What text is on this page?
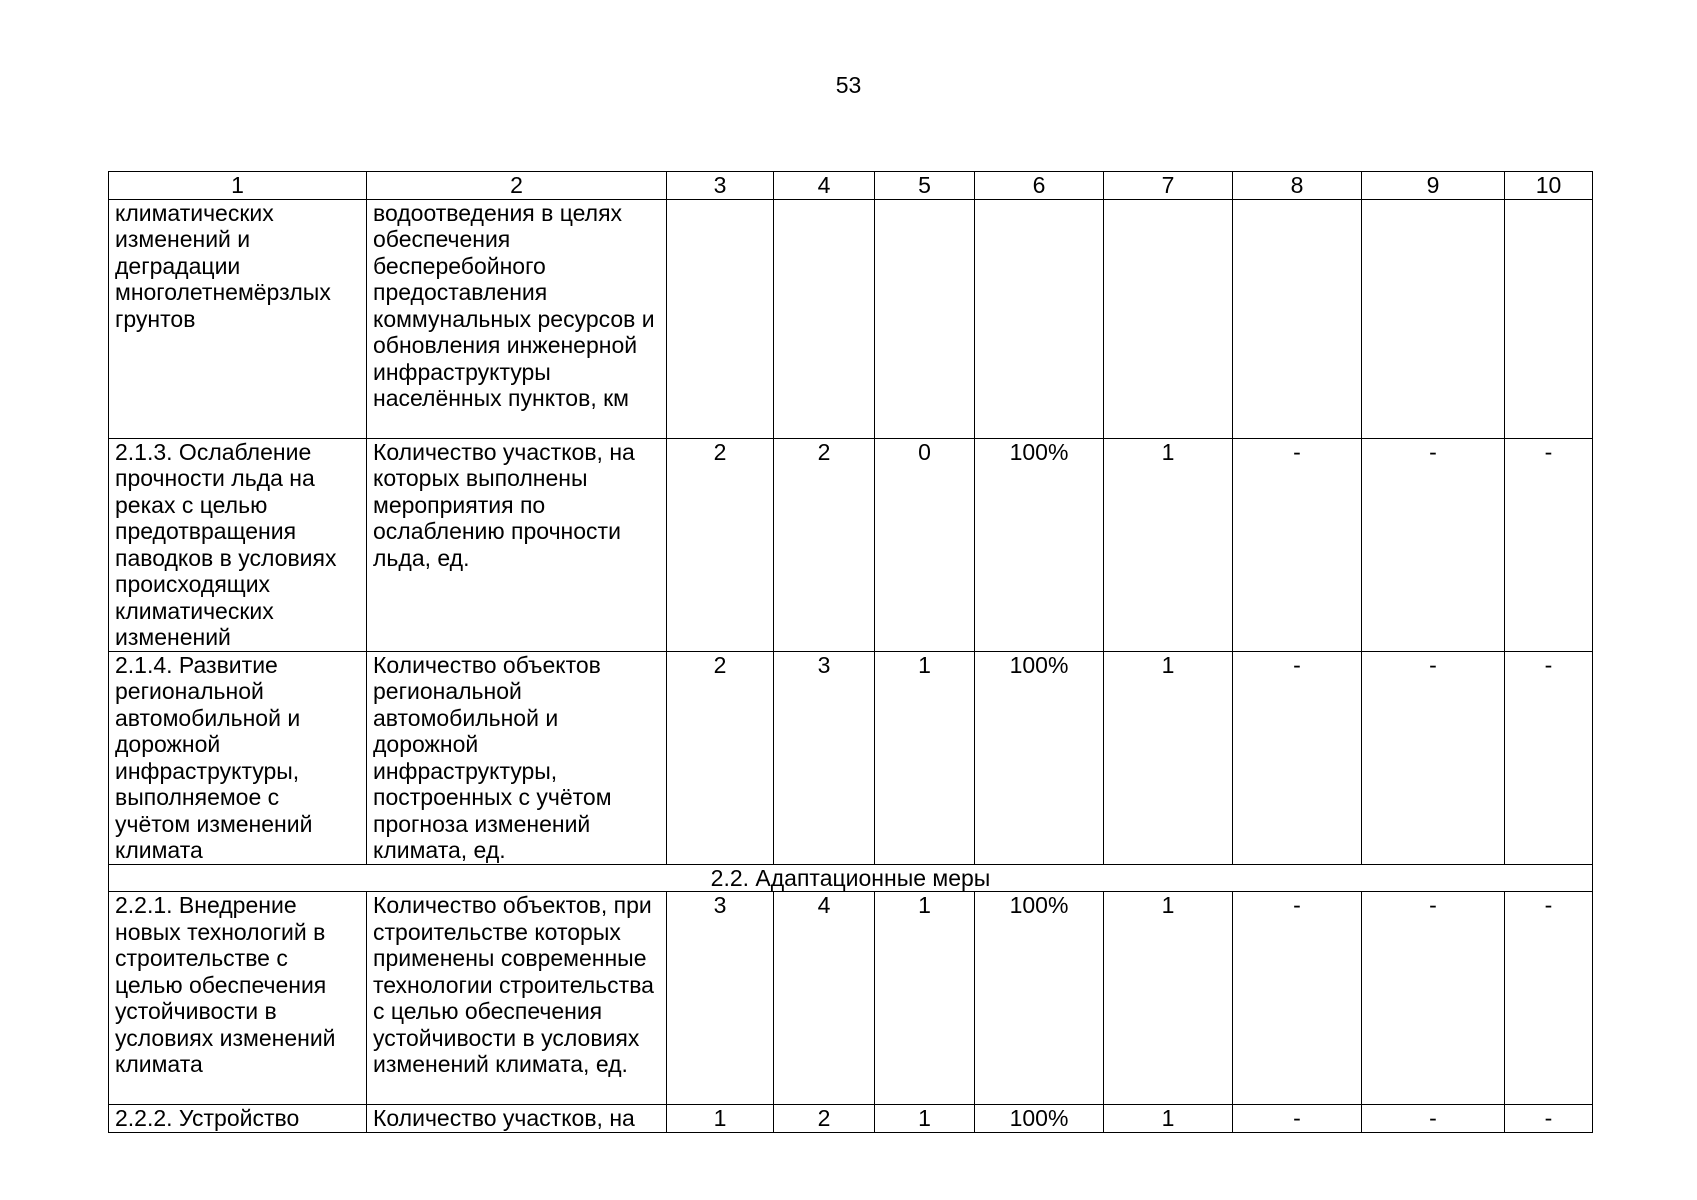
53
1	2	3	4	5	6	7	8	9	10
климатических изменений и деградации многолетнемёрзлых грунтов	водоотведения в целях обеспечения бесперебойного предоставления коммунальных ресурсов и обновления инженерной инфраструктуры населённых пунктов, км								
2.1.3. Ослабление прочности льда на реках с целью предотвращения паводков в условиях происходящих климатических изменений	Количество участков, на которых выполнены мероприятия по ослаблению прочности льда, ед.	2	2	0	100%	1	-	-	-
2.1.4. Развитие региональной автомобильной и дорожной инфраструктуры, выполняемое с учётом изменений климата	Количество объектов региональной автомобильной и дорожной инфраструктуры, построенных с учётом прогноза изменений климата, ед.	2	3	1	100%	1	-	-	-
2.2. Адаптационные меры									
2.2.1. Внедрение новых технологий в строительстве с целью обеспечения устойчивости в условиях изменений климата	Количество объектов, при строительстве которых применены современные технологии строительства с целью обеспечения устойчивости в условиях изменений климата, ед.	3	4	1	100%	1	-	-	-
2.2.2. Устройство	Количество участков, на	1	2	1	100%	1	-	-	-
